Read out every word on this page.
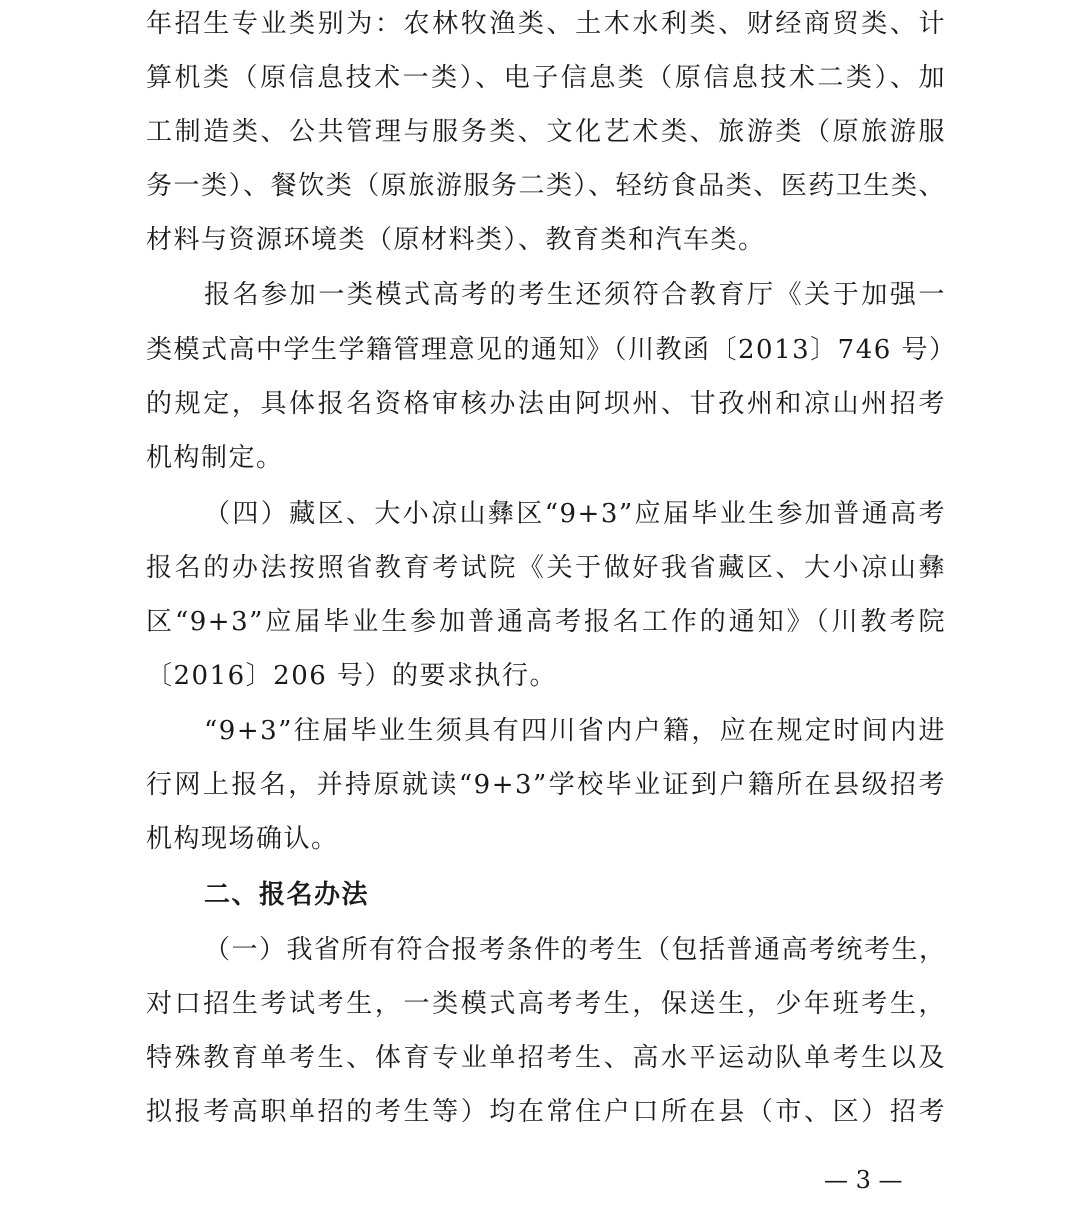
年招生专业类别为：农林牧渔类、土木水利类、财经商贸类、计
算机类（原信息技术一类）、电子信息类（原信息技术二类）、加
工制造类、公共管理与服务类、文化艺术类、旅游类（原旅游服
务一类）、餐饮类（原旅游服务二类）、轻纺食品类、医药卫生类、
材料与资源环境类（原材料类）、教育类和汽车类。
报名参加一类模式高考的考生还须符合教育厅《关于加强一
类模式高中学生学籍管理意见的通知》（川教函〔2013〕746 号）
的规定，具体报名资格审核办法由阿坝州、甘孜州和凉山州招考
机构制定。
（四）藏区、大小凉山彝区“9+3”应届毕业生参加普通高考
报名的办法按照省教育考试院《关于做好我省藏区、大小凉山彝
区“9+3”应届毕业生参加普通高考报名工作的通知》（川教考院
〔2016〕206 号）的要求执行。
“9+3”往届毕业生须具有四川省内户籍，应在规定时间内进
行网上报名，并持原就读“9+3”学校毕业证到户籍所在县级招考
机构现场确认。
二、报名办法
（一）我省所有符合报考条件的考生（包括普通高考统考生，
对口招生考试考生，一类模式高考考生，保送生，少年班考生，
特殊教育单考生、体育专业单招考生、高水平运动队单考生以及
拟报考高职单招的考生等）均在常住户口所在县（市、区）招考
— 3 —
